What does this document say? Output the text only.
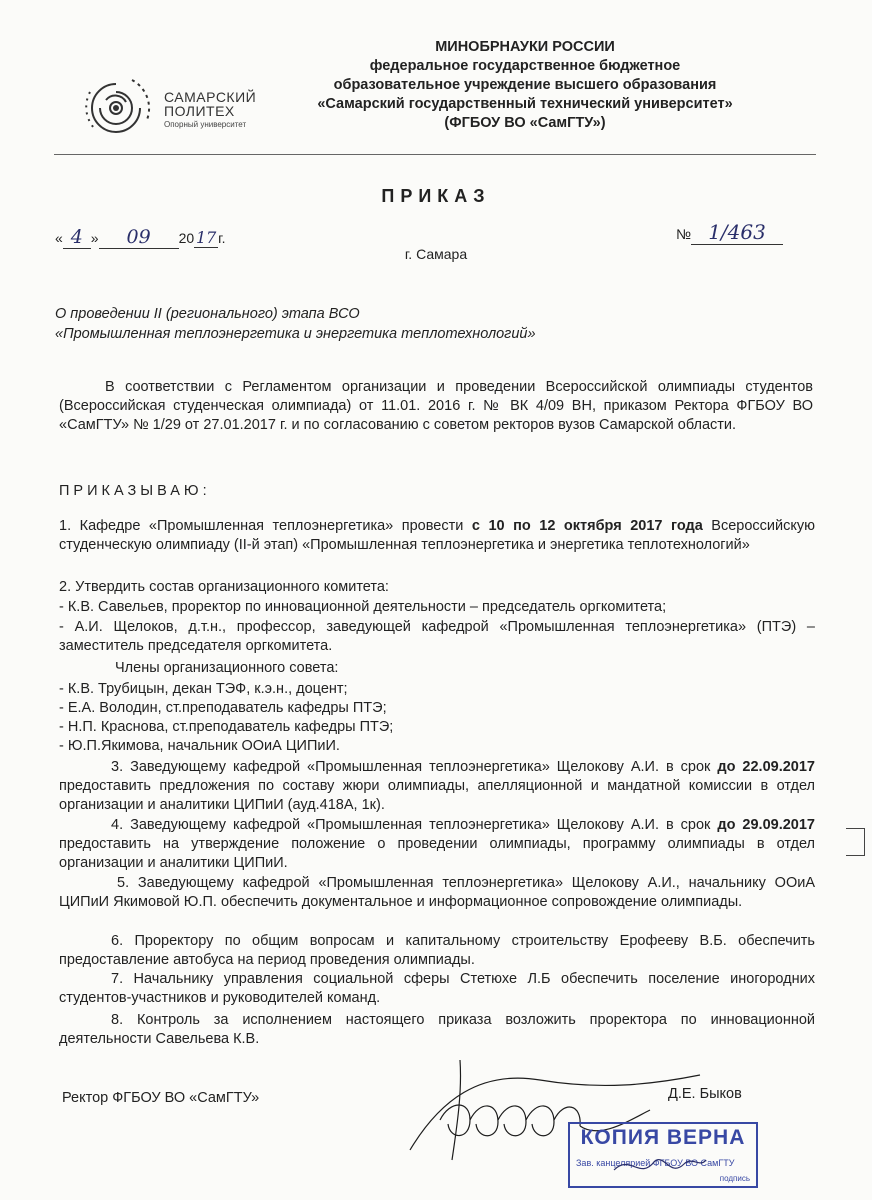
САМАРСКИЙ
ПОЛИТЕХ
Опорный университет
МИНОБРНАУКИ РОССИИ
федеральное государственное бюджетное
образовательное учреждение высшего образования
«Самарский государственный технический университет»
(ФГБОУ ВО «СамГТУ»)
ПРИКАЗ
« 4 » 09 20 17 г.	№ 1/463
г. Самара
О проведении II (регионального) этапа ВСО
«Промышленная теплоэнергетика и энергетика теплотехнологий»
В соответствии с Регламентом организации и проведении Всероссийской олимпиады студентов (Всероссийская студенческая олимпиада) от 11.01. 2016 г. № ВК 4/09 ВН, приказом Ректора ФГБОУ ВО «СамГТУ» № 1/29 от 27.01.2017 г. и по согласованию с советом ректоров вузов Самарской области.
ПРИКАЗЫВАЮ:
1. Кафедре «Промышленная теплоэнергетика» провести с 10 по 12 октября 2017 года Всероссийскую студенческую олимпиаду (II-й этап) «Промышленная теплоэнергетика и энергетика теплотехнологий»
2. Утвердить состав организационного комитета:
- К.В. Савельев, проректор по инновационной деятельности – председатель оргкомитета;
- А.И. Щелоков, д.т.н., профессор, заведующей кафедрой «Промышленная теплоэнергетика» (ПТЭ) – заместитель председателя оргкомитета.
Члены организационного совета:
- К.В. Трубицын, декан ТЭФ, к.э.н., доцент;
- Е.А. Володин, ст.преподаватель кафедры ПТЭ;
- Н.П. Краснова, ст.преподаватель кафедры ПТЭ;
- Ю.П.Якимова, начальник ООиА ЦИПиИ.
3. Заведующему кафедрой «Промышленная теплоэнергетика» Щелокову А.И. в срок до 22.09.2017 предоставить предложения по составу жюри олимпиады, апелляционной и мандатной комиссии в отдел организации и аналитики ЦИПиИ (ауд.418А, 1к).
4. Заведующему кафедрой «Промышленная теплоэнергетика» Щелокову А.И. в срок до 29.09.2017 предоставить на утверждение положение о проведении олимпиады, программу олимпиады в отдел организации и аналитики ЦИПиИ.
5. Заведующему кафедрой «Промышленная теплоэнергетика» Щелокову А.И., начальнику ООиА ЦИПиИ Якимовой Ю.П. обеспечить документальное и информационное сопровождение олимпиады.
6. Проректору по общим вопросам и капитальному строительству Ерофееву В.Б. обеспечить предоставление автобуса на период проведения олимпиады.
7. Начальнику управления социальной сферы Стетюхе Л.Б обеспечить поселение иногородних студентов-участников и руководителей команд.
8. Контроль за исполнением настоящего приказа возложить проректора по инновационной деятельности Савельева К.В.
Ректор ФГБОУ ВО «СамГТУ»	Д.Е. Быков
КОПИЯ ВЕРНА
Зав. канцелярией ФГБОУ ВО СамГТУ
подпись
